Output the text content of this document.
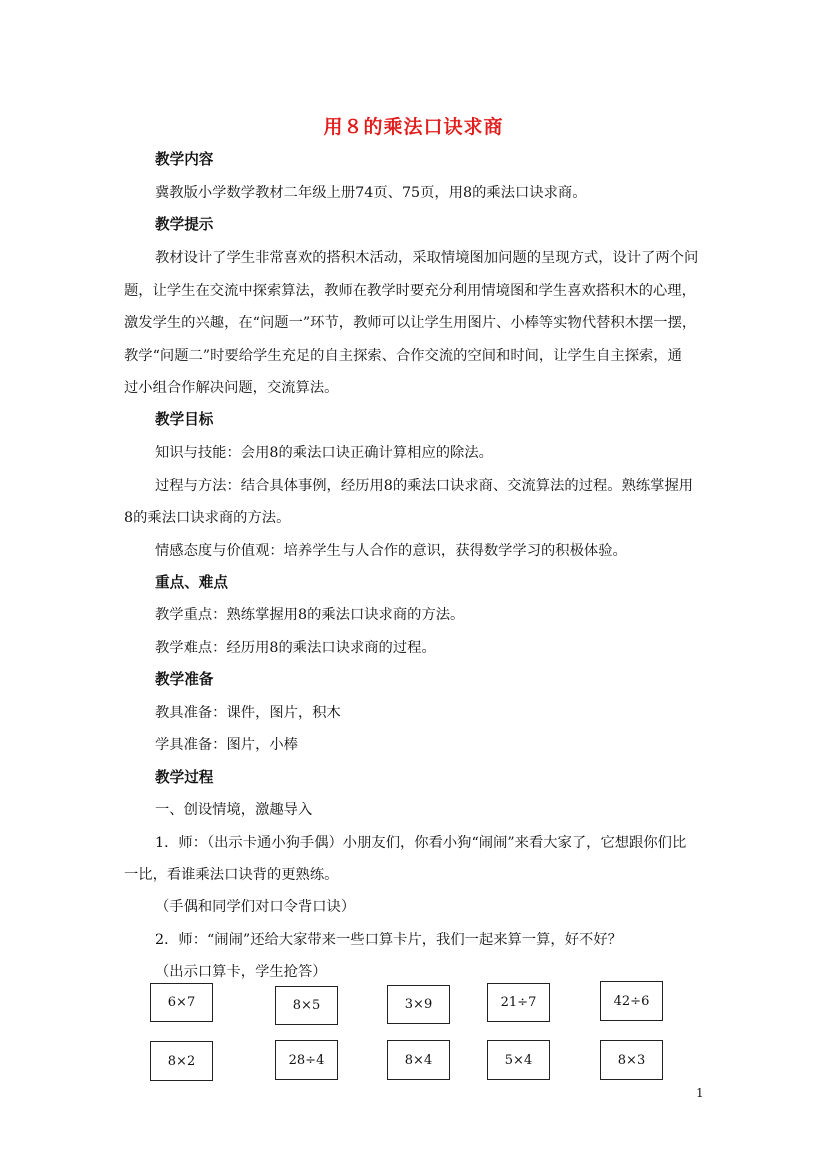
用８的乘法口诀求商
教学内容
冀教版小学数学教材二年级上册74页、75页，用8的乘法口诀求商。
教学提示
教材设计了学生非常喜欢的搭积木活动，采取情境图加问题的呈现方式，设计了两个问
题，让学生在交流中探索算法，教师在教学时要充分利用情境图和学生喜欢搭积木的心理，
激发学生的兴趣，在“问题一”环节，教师可以让学生用图片、小棒等实物代替积木摆一摆，
教学“问题二”时要给学生充足的自主探索、合作交流的空间和时间，让学生自主探索，通
过小组合作解决问题，交流算法。
教学目标
知识与技能：会用8的乘法口诀正确计算相应的除法。
过程与方法：结合具体事例，经历用8的乘法口诀求商、交流算法的过程。熟练掌握用
8的乘法口诀求商的方法。
情感态度与价值观：培养学生与人合作的意识，获得数学学习的积极体验。
重点、难点
教学重点：熟练掌握用8的乘法口诀求商的方法。
教学难点：经历用8的乘法口诀求商的过程。
教学准备
教具准备：课件，图片，积木
学具准备：图片，小棒
教学过程
一、创设情境，激趣导入
1．师：（出示卡通小狗手偶）小朋友们，你看小狗“闹闹”来看大家了，它想跟你们比
一比，看谁乘法口诀背的更熟练。
（手偶和同学们对口令背口诀）
2．师：“闹闹”还给大家带来一些口算卡片，我们一起来算一算，好不好？
（出示口算卡，学生抢答）
6×7	8×5	3×9	21÷7	42÷6
8×2	28÷4	8×4	5×4	8×3
1
